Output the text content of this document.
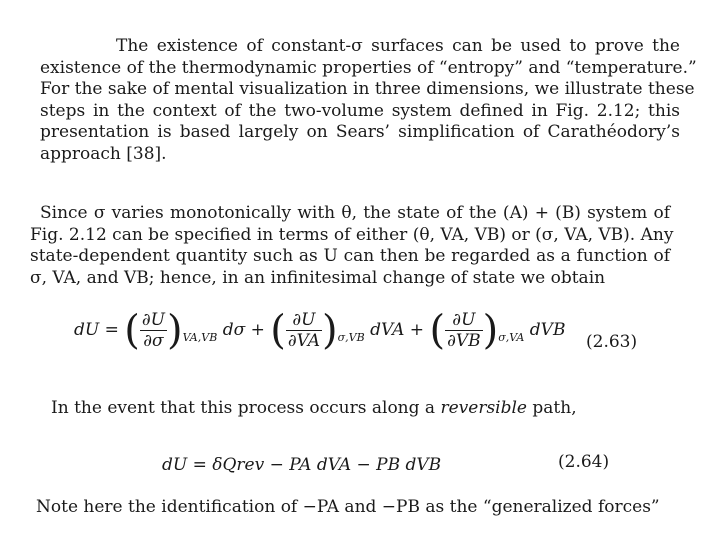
The existence of constant-σ surfaces can be used to prove the
existence of the thermodynamic properties of “entropy” and “temperature.”
For the sake of mental visualization in three dimensions, we illustrate these
steps in the context of the two-volume system defined in Fig. 2.12; this
presentation is based largely on Sears’ simplification of Carathéodory’s
approach [38].
Since σ varies monotonically with θ, the state of the (A) + (B) system of
Fig. 2.12 can be specified in terms of either (θ, VA, VB) or (σ, VA, VB). Any
state-dependent quantity such as U can then be regarded as a function of
σ, VA, and VB; hence, in an infinitesimal change of state we obtain
dU = ( $\frac{\partial U}{\partial\sigma} )_{VA,VB}$ dσ + ( $\frac{\partial U}{\partial VA} )_{\sigma,VB}$ dVA + ( $\frac{\partial U}{\partial VB} )_{\sigma,VA}$ dVB
(2.63)
In the event that this process occurs along a reversible path,
dU = δQrev − PA dVA − PB dVB	(2.64)
Note here the identification of −PA and −PB as the “generalized forces”
